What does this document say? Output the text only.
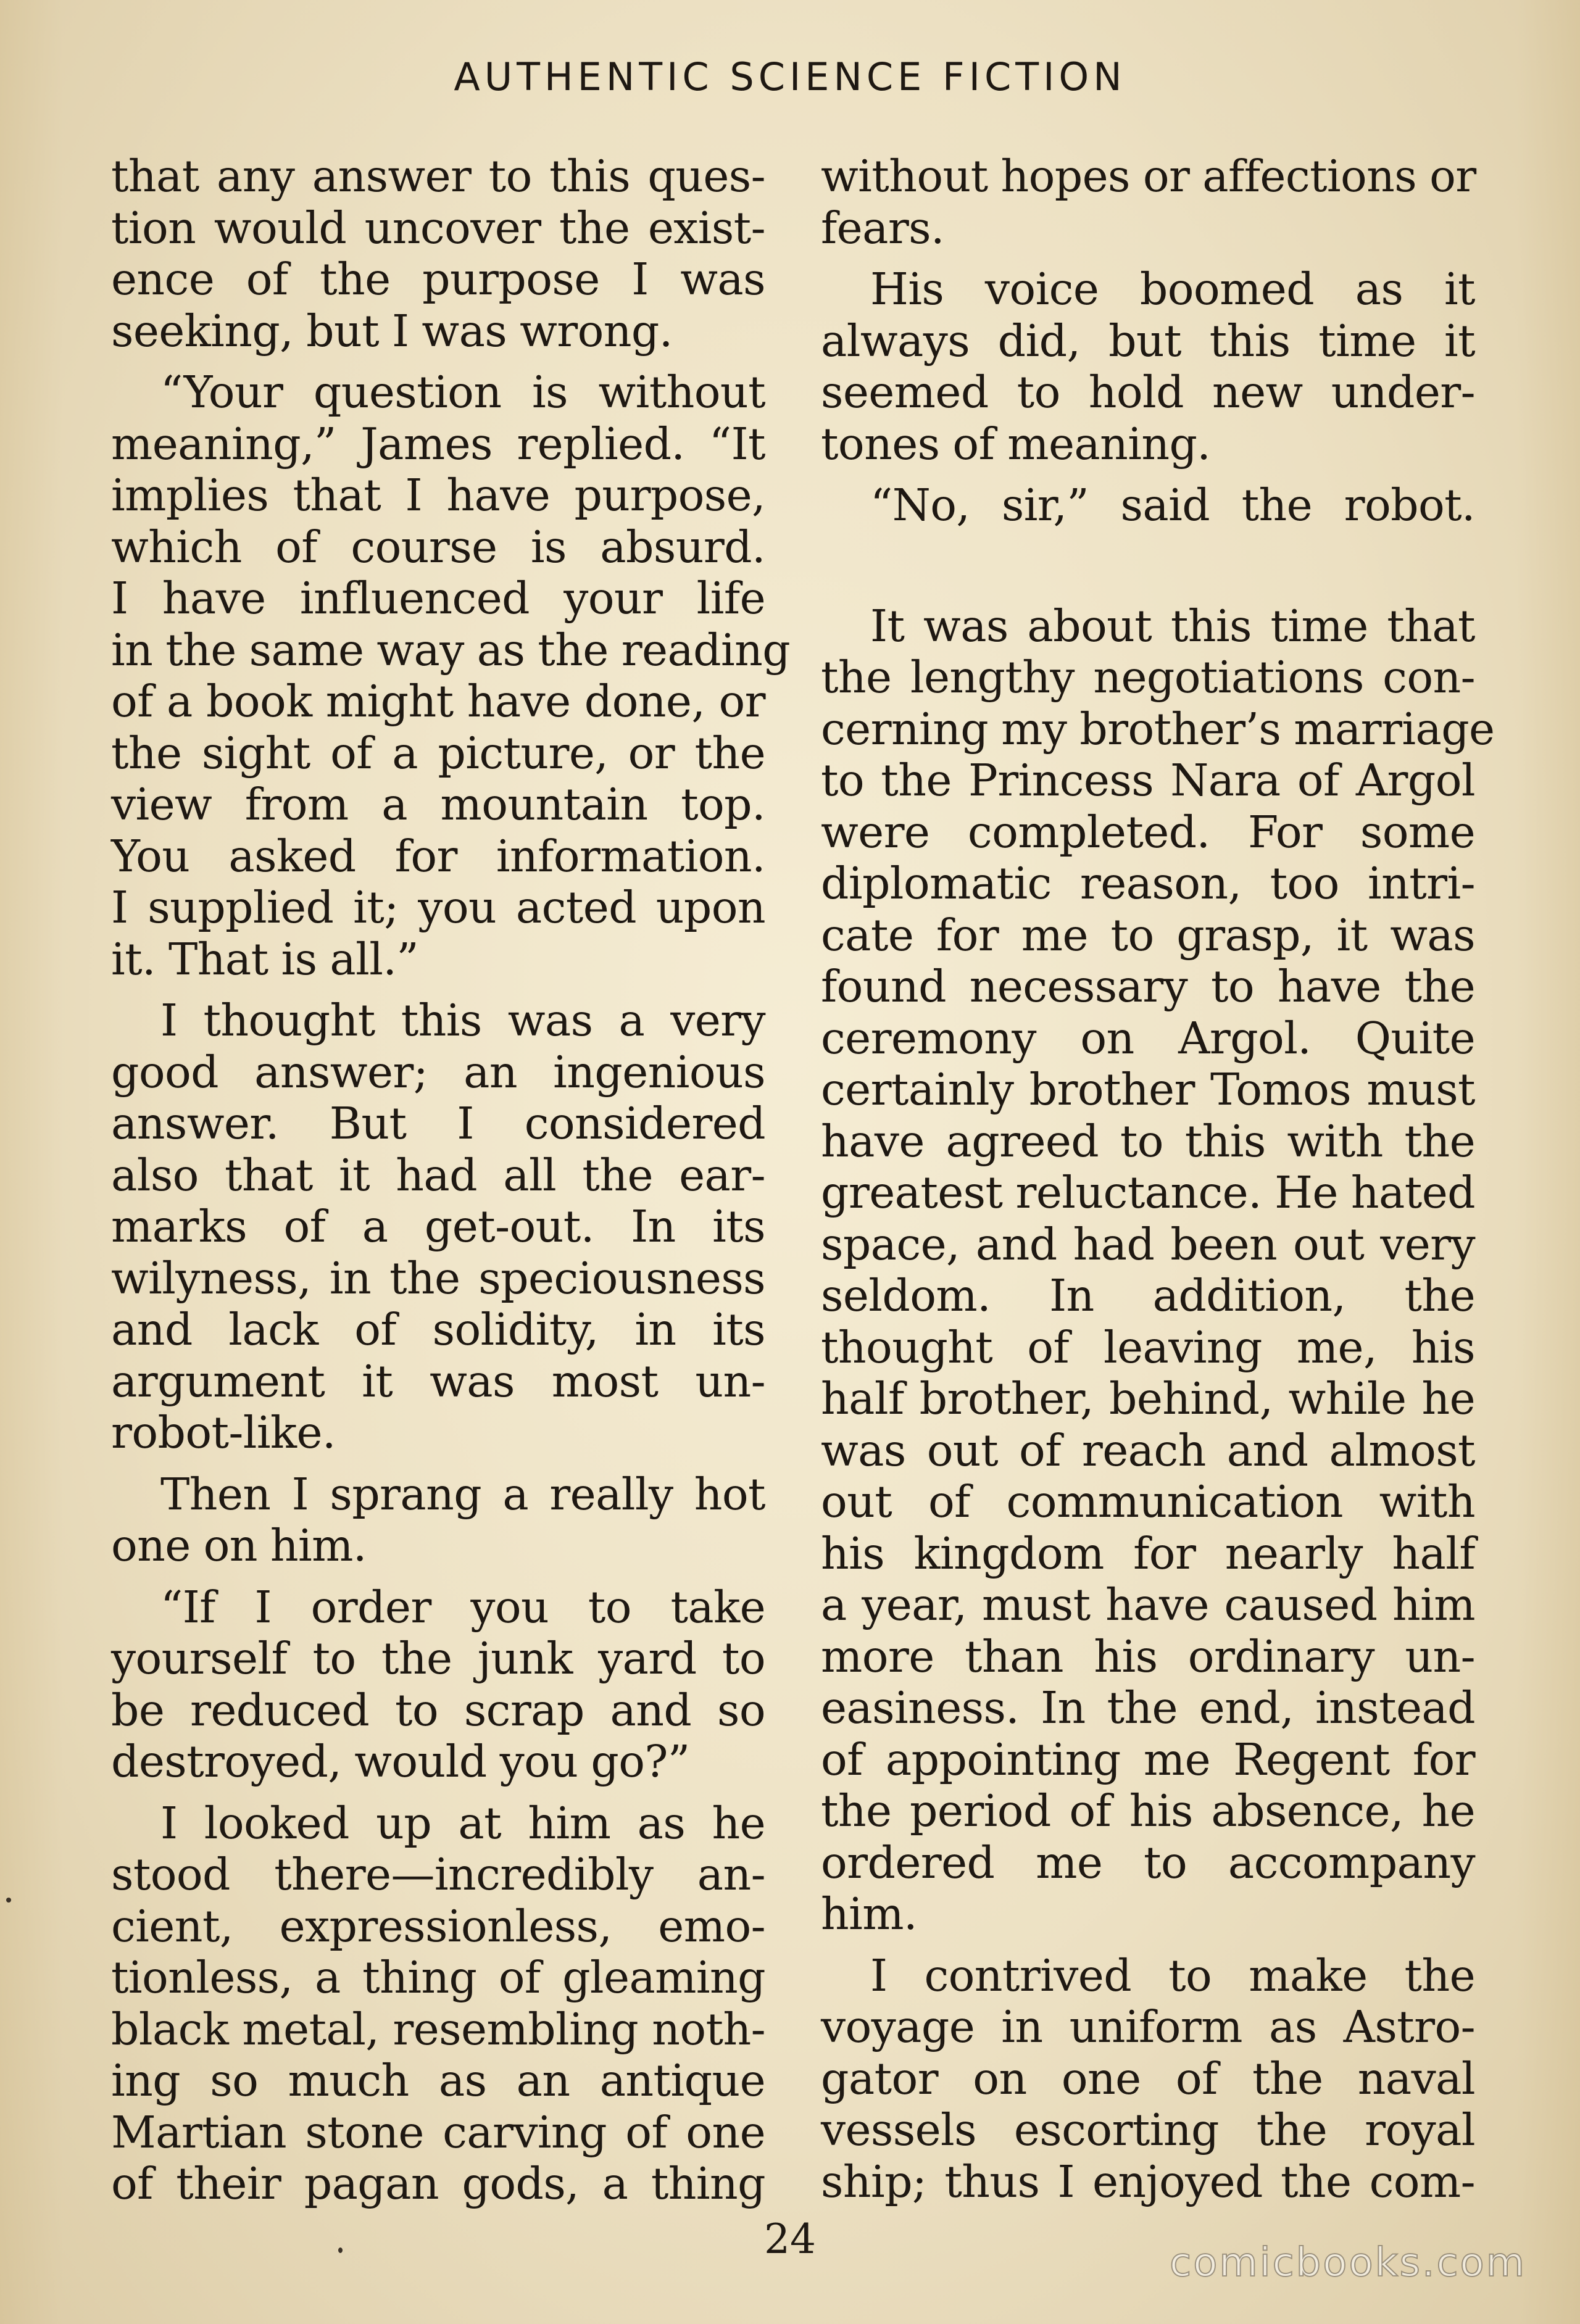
AUTHENTIC SCIENCE FICTION
that any answer to this ques-
tion would uncover the exist-
ence of the purpose I was
seeking, but I was wrong.
“Your question is without
meaning,” James replied. “It
implies that I have purpose,
which of course is absurd.
I have influenced your life
in the same way as the reading
of a book might have done, or
the sight of a picture, or the
view from a mountain top.
You asked for information.
I supplied it; you acted upon
it. That is all.”
I thought this was a very
good answer; an ingenious
answer. But I considered
also that it had all the ear-
marks of a get-out. In its
wilyness, in the speciousness
and lack of solidity, in its
argument it was most un-
robot-like.
Then I sprang a really hot
one on him.
“If I order you to take
yourself to the junk yard to
be reduced to scrap and so
destroyed, would you go?”
I looked up at him as he
stood there—incredibly an-
cient, expressionless, emo-
tionless, a thing of gleaming
black metal, resembling noth-
ing so much as an antique
Martian stone carving of one
of their pagan gods, a thing
without hopes or affections or
fears.
His voice boomed as it
always did, but this time it
seemed to hold new under-
tones of meaning.
“No, sir,” said the robot.
It was about this time that
the lengthy negotiations con-
cerning my brother’s marriage
to the Princess Nara of Argol
were completed. For some
diplomatic reason, too intri-
cate for me to grasp, it was
found necessary to have the
ceremony on Argol. Quite
certainly brother Tomos must
have agreed to this with the
greatest reluctance. He hated
space, and had been out very
seldom. In addition, the
thought of leaving me, his
half brother, behind, while he
was out of reach and almost
out of communication with
his kingdom for nearly half
a year, must have caused him
more than his ordinary un-
easiness. In the end, instead
of appointing me Regent for
the period of his absence, he
ordered me to accompany
him.
I contrived to make the
voyage in uniform as Astro-
gator on one of the naval
vessels escorting the royal
ship; thus I enjoyed the com-
24	comicbooks.com
